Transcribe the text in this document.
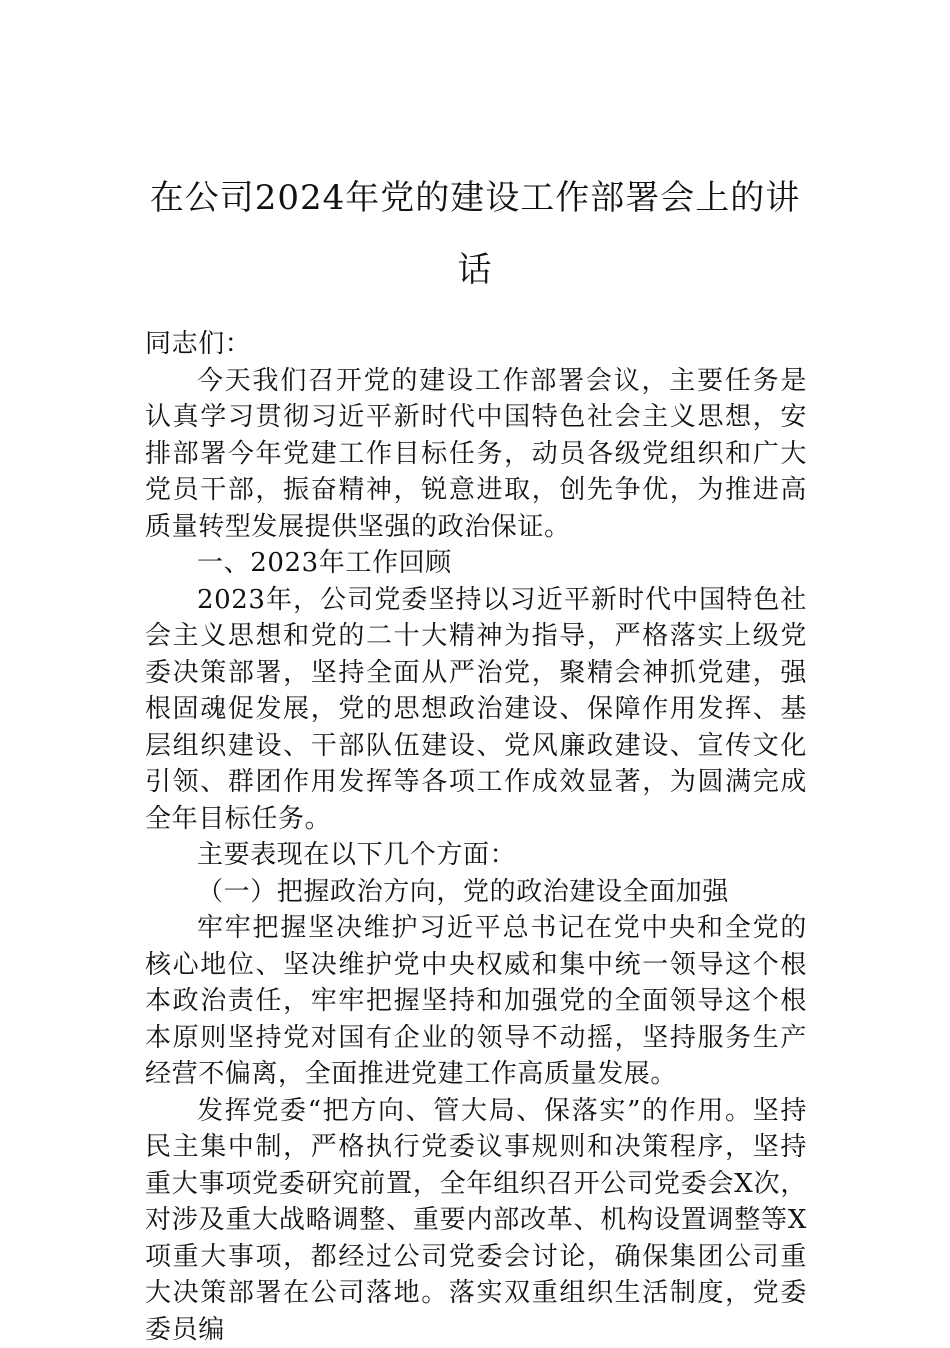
在公司2024年党的建设工作部署会上的讲话

同志们：

今天我们召开党的建设工作部署会议，主要任务是认真学习贯彻习近平新时代中国特色社会主义思想，安排部署今年党建工作目标任务，动员各级党组织和广大党员干部，振奋精神，锐意进取，创先争优，为推进高质量转型发展提供坚强的政治保证。

一、2023年工作回顾

2023年，公司党委坚持以习近平新时代中国特色社会主义思想和党的二十大精神为指导，严格落实上级党委决策部署，坚持全面从严治党，聚精会神抓党建，强根固魂促发展，党的思想政治建设、保障作用发挥、基层组织建设、干部队伍建设、党风廉政建设、宣传文化引领、群团作用发挥等各项工作成效显著，为圆满完成全年目标任务。

主要表现在以下几个方面：

（一）把握政治方向，党的政治建设全面加强

牢牢把握坚决维护习近平总书记在党中央和全党的核心地位、坚决维护党中央权威和集中统一领导这个根本政治责任，牢牢把握坚持和加强党的全面领导这个根本原则坚持党对国有企业的领导不动摇，坚持服务生产经营不偏离，全面推进党建工作高质量发展。

发挥党委“把方向、管大局、保落实”的作用。坚持民主集中制，严格执行党委议事规则和决策程序，坚持重大事项党委研究前置，全年组织召开公司党委会X次，对涉及重大战略调整、重要内部改革、机构设置调整等X项重大事项，都经过公司党委会讨论，确保集团公司重大决策部署在公司落地。落实双重组织生活制度，党委委员编
